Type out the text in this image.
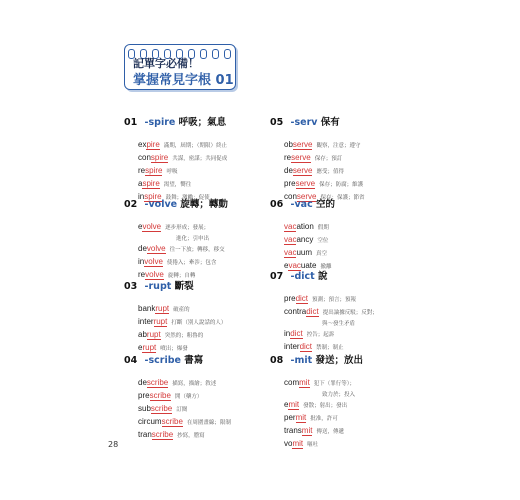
記單字必備！
掌握常見字根 01
01 -spire 呼吸；氣息
expire 滿期，屆期；（期限）終止
conspire 共謀，密謀；共同促成
respire 呼吸
aspire 渴望，嚮往
inspire 鼓舞；激勵；促使
02 -volve 旋轉；轉動
evolve 逐步形成；發展；
進化；引申出
devolve 往一下放；轉移，移交
involve 使捲入；牽涉；包含
revolve 旋轉；自轉
03 -rupt 斷裂
bankrupt 破產的
interrupt 打斷（別人說話的人）
abrupt 突然的；粗魯的
erupt 噴出；爆發
04 -scribe 書寫
describe 描寫，描繪；敘述
prescribe 開（藥方）
subscribe 訂閱
circumscribe 在周圍畫線；限制
transcribe 抄寫，謄寫
05 -serv 保有
observe 觀察，注意；遵守
reserve 保存；預訂
deserve 應受；值得
preserve 保存；防腐；維護
conserve 保存；保護；節省
06 -vac 空的
vacation 假期
vacancy 空位
vacuum 真空
evacuate 撤離
07 -dict 說
predict 預測；預言；預報
contradict 提出論據反駁；反對；
與～發生矛盾
indict 控告；起訴
interdict 禁制；制止
08 -mit 發送；放出
commit 犯下（罪行等）；
致力於；投入
emit 發散；射出；發出
permit 批准，許可
transmit 傳送，傳遞
vomit 嘔吐
28
